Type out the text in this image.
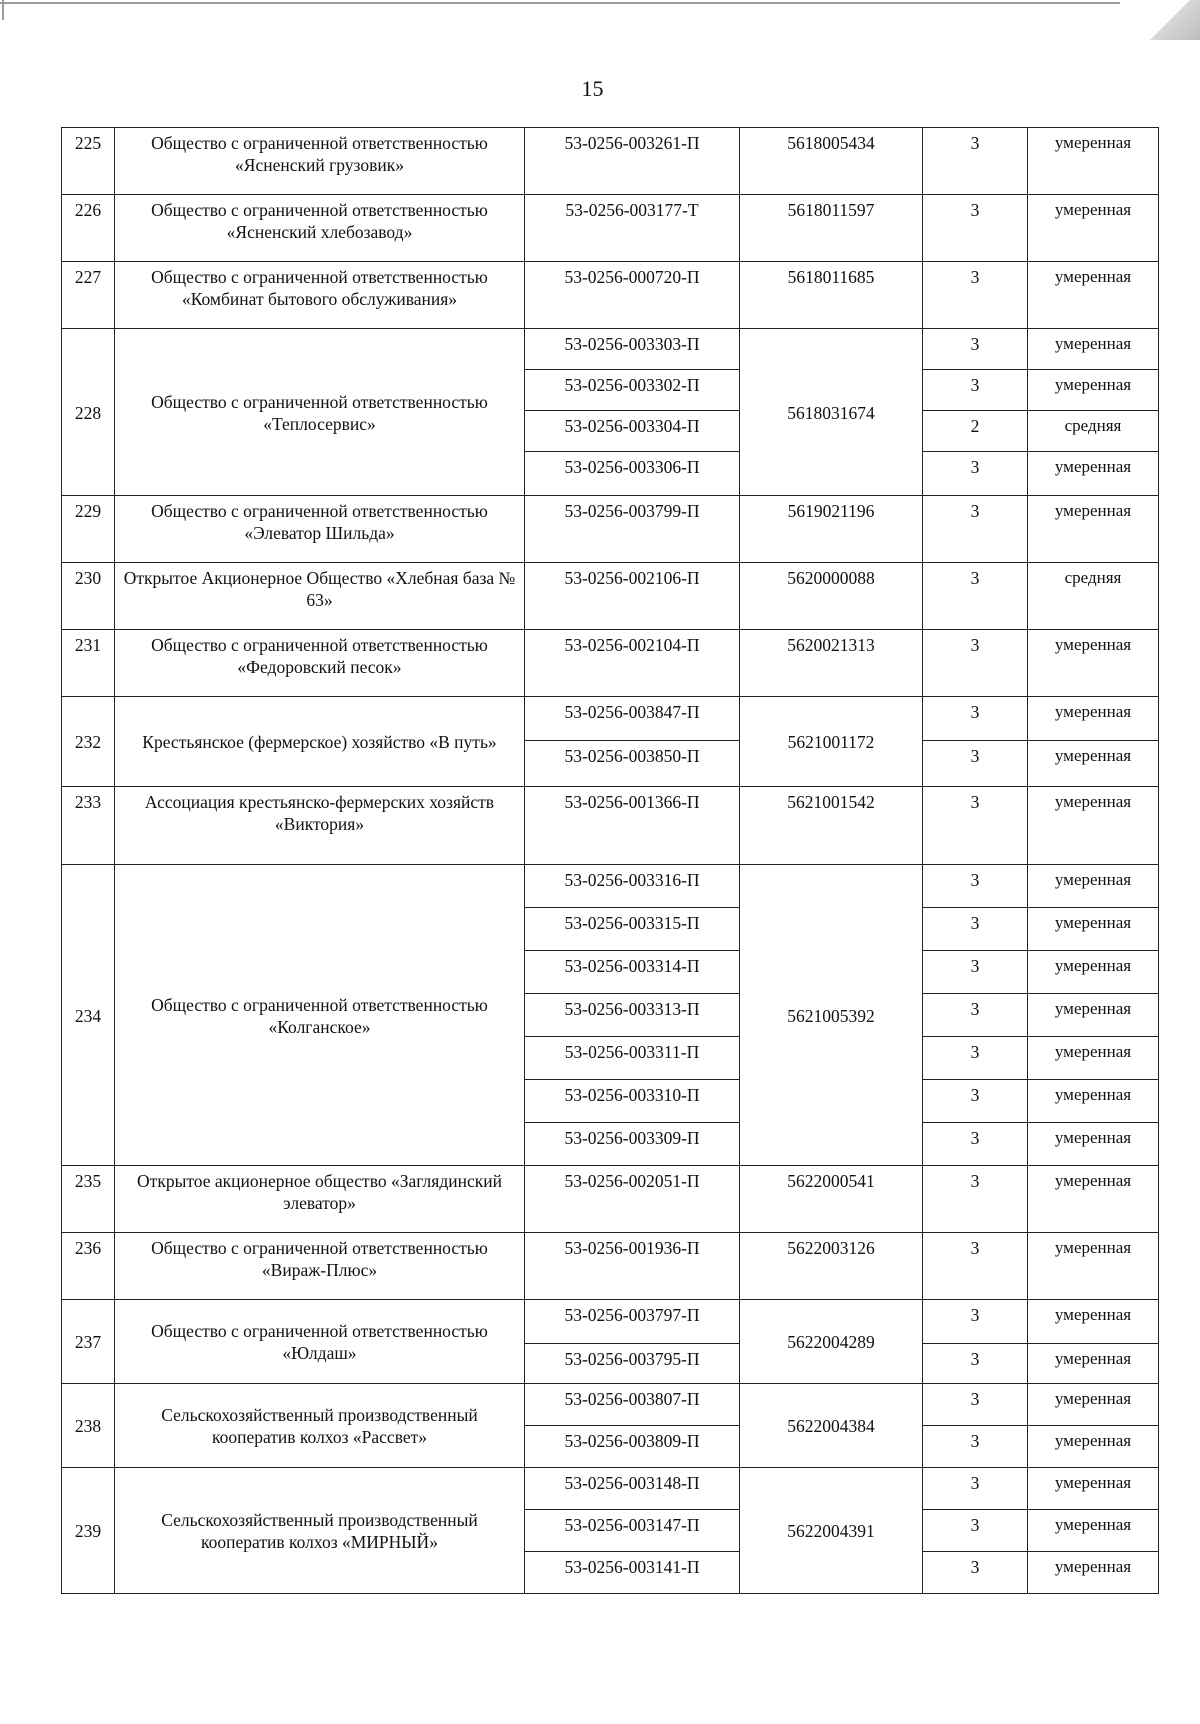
15
225	Общество с ограниченной ответственностью «Ясненский грузовик»	53-0256-003261-П	5618005434	3	умеренная
226	Общество с ограниченной ответственностью «Ясненский хлебозавод»	53-0256-003177-Т	5618011597	3	умеренная
227	Общество с ограниченной ответственностью «Комбинат бытового обслуживания»	53-0256-000720-П	5618011685	3	умеренная
228	Общество с ограниченной ответственностью «Теплосервис»	53-0256-003303-П	5618031674	3	умеренная
		53-0256-003302-П		3	умеренная
		53-0256-003304-П		2	средняя
		53-0256-003306-П		3	умеренная
229	Общество с ограниченной ответственностью «Элеватор Шильда»	53-0256-003799-П	5619021196	3	умеренная
230	Открытое Акционерное Общество «Хлебная база № 63»	53-0256-002106-П	5620000088	3	средняя
231	Общество с ограниченной ответственностью «Федоровский песок»	53-0256-002104-П	5620021313	3	умеренная
232	Крестьянское (фермерское) хозяйство «В путь»	53-0256-003847-П	5621001172	3	умеренная
		53-0256-003850-П		3	умеренная
233	Ассоциация крестьянско-фермерских хозяйств «Виктория»	53-0256-001366-П	5621001542	3	умеренная
234	Общество с ограниченной ответственностью «Колганское»	53-0256-003316-П	5621005392	3	умеренная
		53-0256-003315-П		3	умеренная
		53-0256-003314-П		3	умеренная
		53-0256-003313-П		3	умеренная
		53-0256-003311-П		3	умеренная
		53-0256-003310-П		3	умеренная
		53-0256-003309-П		3	умеренная
235	Открытое акционерное общество «Заглядинский элеватор»	53-0256-002051-П	5622000541	3	умеренная
236	Общество с ограниченной ответственностью «Вираж-Плюс»	53-0256-001936-П	5622003126	3	умеренная
237	Общество с ограниченной ответственностью «Юлдаш»	53-0256-003797-П	5622004289	3	умеренная
		53-0256-003795-П		3	умеренная
238	Сельскохозяйственный производственный кооператив колхоз «Рассвет»	53-0256-003807-П	5622004384	3	умеренная
		53-0256-003809-П		3	умеренная
239	Сельскохозяйственный производственный кооператив колхоз «МИРНЫЙ»	53-0256-003148-П	5622004391	3	умеренная
		53-0256-003147-П		3	умеренная
		53-0256-003141-П		3	умеренная
